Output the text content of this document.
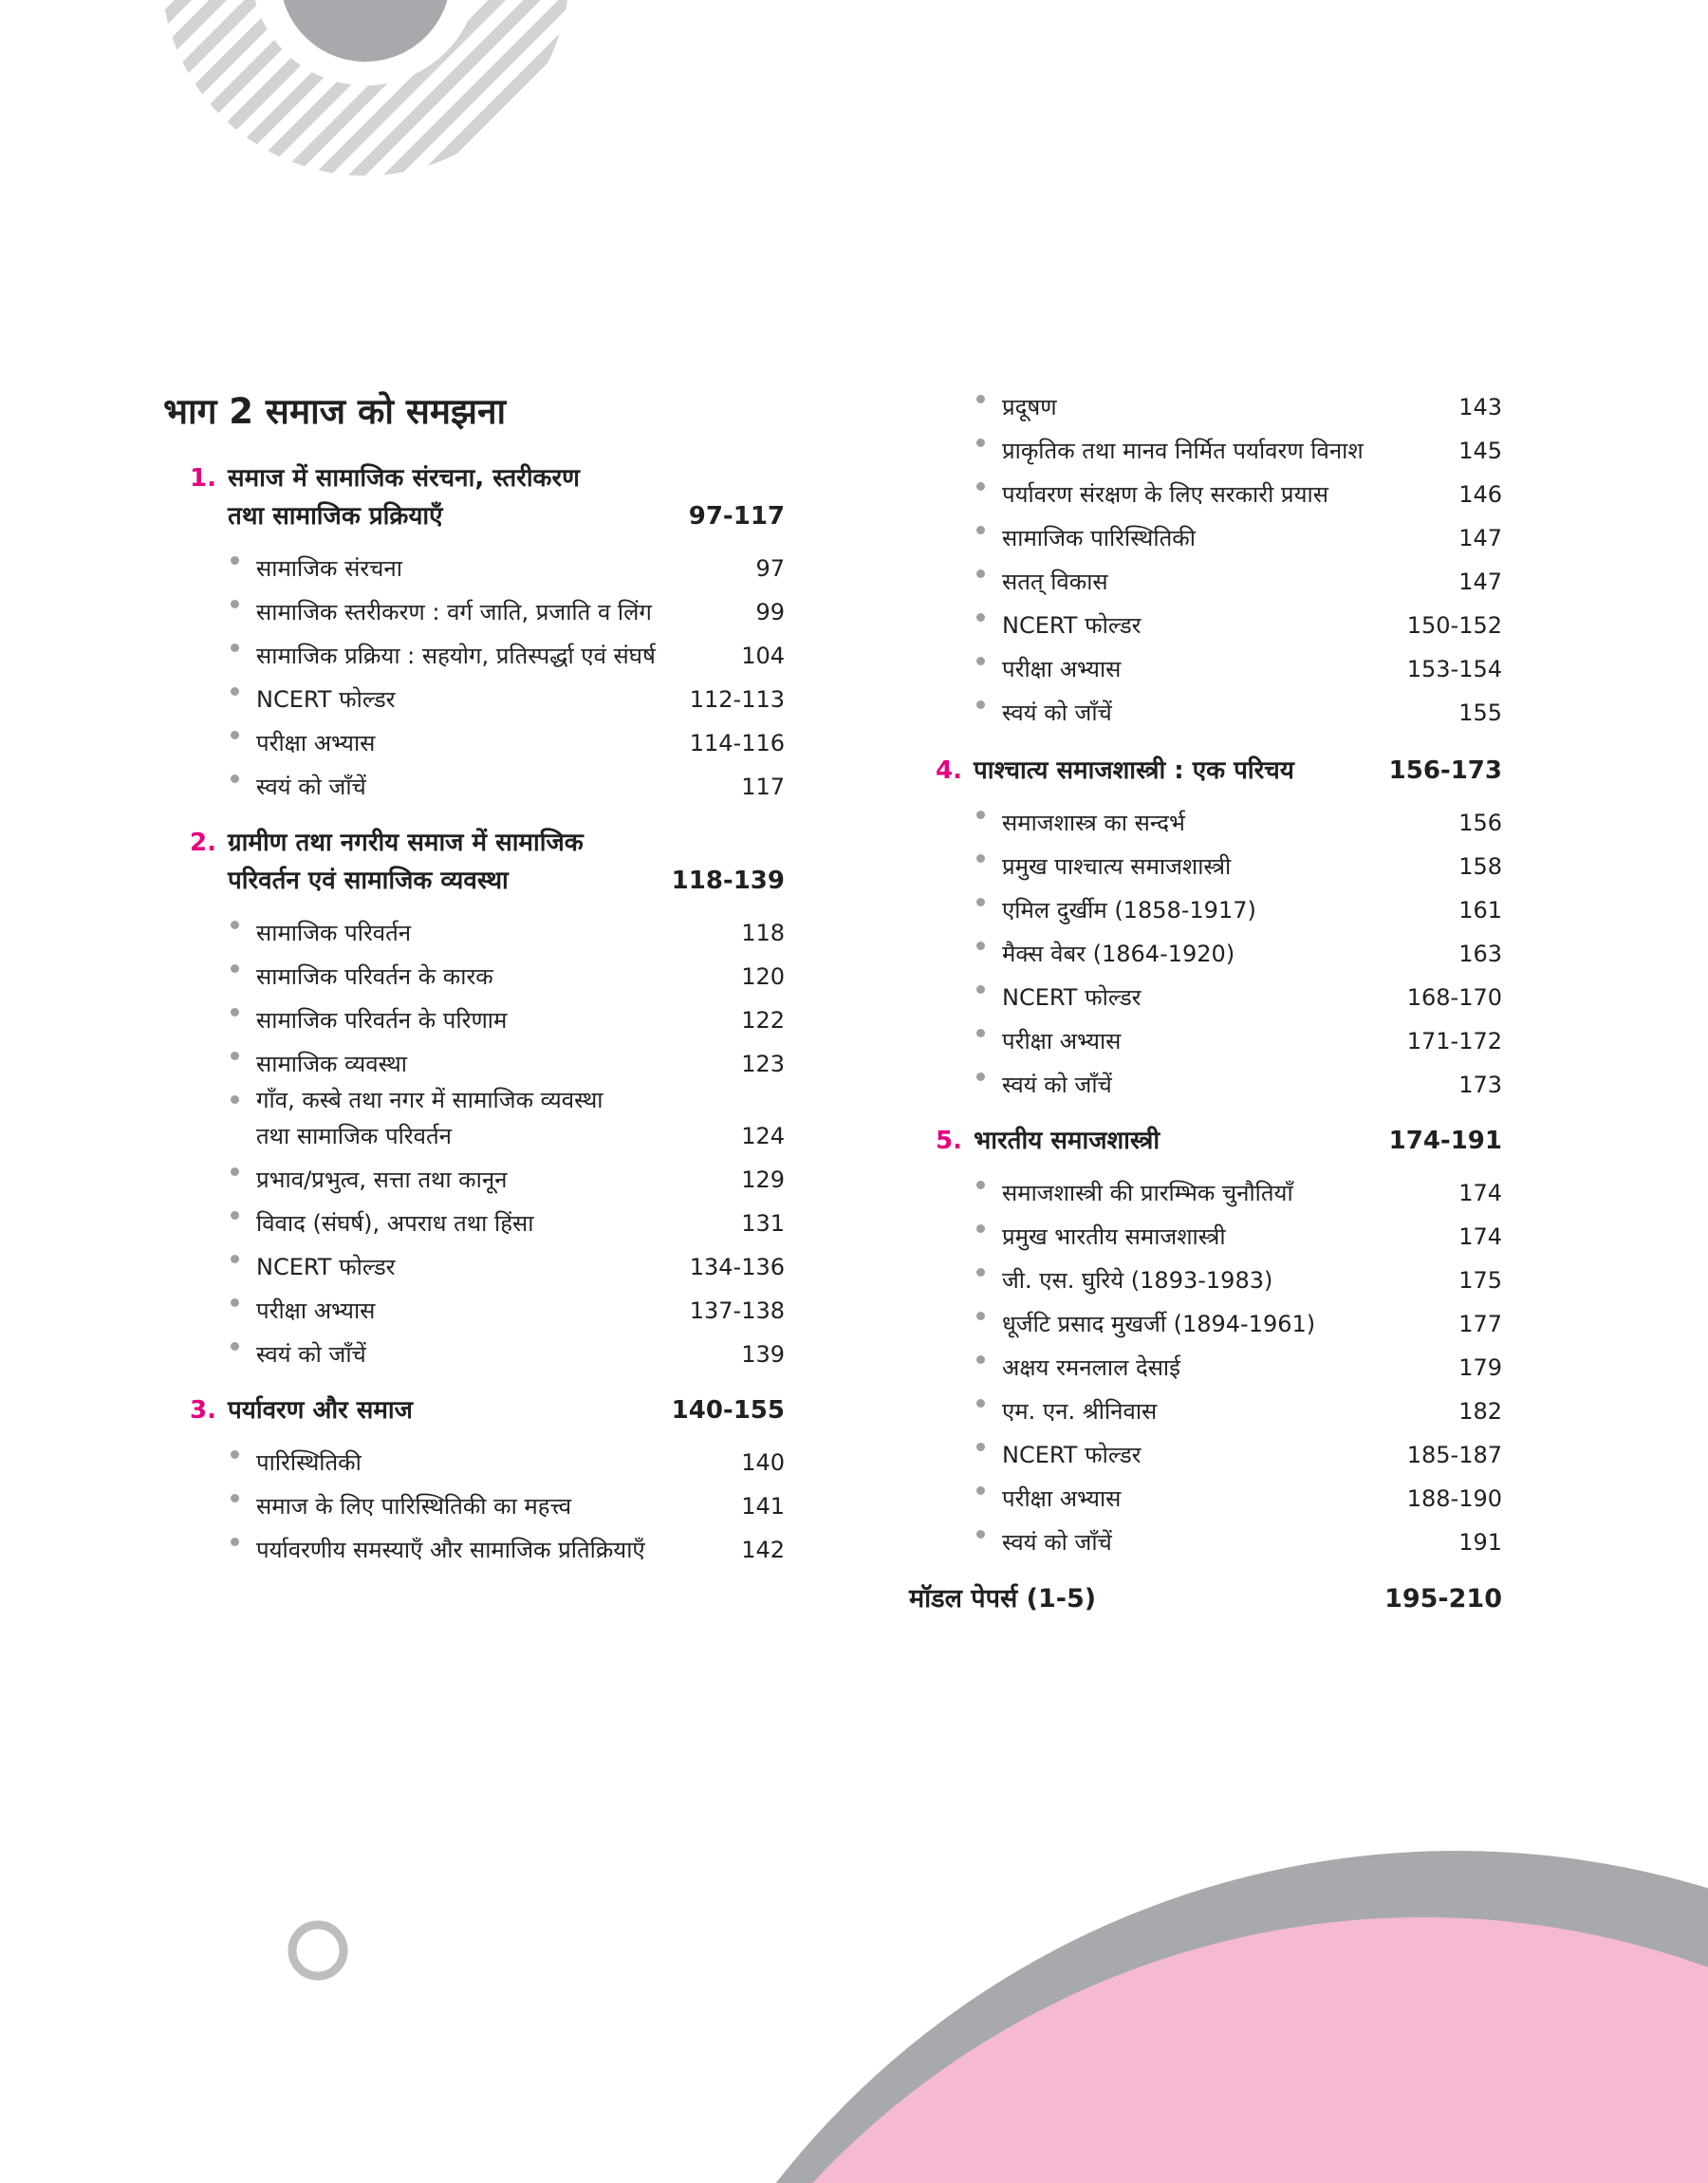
भाग 2 समाज को समझना
1. समाज में सामाजिक संरचना, स्तरीकरण
तथा सामाजिक प्रक्रियाएँ	97-117
सामाजिक संरचना	97
सामाजिक स्तरीकरण : वर्ग जाति, प्रजाति व लिंग	99
सामाजिक प्रक्रिया : सहयोग, प्रतिस्पर्द्धा एवं संघर्ष	104
NCERT फोल्डर	112-113
परीक्षा अभ्यास	114-116
स्वयं को जाँचें	117
2. ग्रामीण तथा नगरीय समाज में सामाजिक
परिवर्तन एवं सामाजिक व्यवस्था	118-139
सामाजिक परिवर्तन	118
सामाजिक परिवर्तन के कारक	120
सामाजिक परिवर्तन के परिणाम	122
सामाजिक व्यवस्था	123
गाँव, कस्बे तथा नगर में सामाजिक व्यवस्था
तथा सामाजिक परिवर्तन	124
प्रभाव/प्रभुत्व, सत्ता तथा कानून	129
विवाद (संघर्ष), अपराध तथा हिंसा	131
NCERT फोल्डर	134-136
परीक्षा अभ्यास	137-138
स्वयं को जाँचें	139
3. पर्यावरण और समाज	140-155
पारिस्थितिकी	140
समाज के लिए पारिस्थितिकी का महत्त्व	141
पर्यावरणीय समस्याएँ और सामाजिक प्रतिक्रियाएँ	142
प्रदूषण	143
प्राकृतिक तथा मानव निर्मित पर्यावरण विनाश	145
पर्यावरण संरक्षण के लिए सरकारी प्रयास	146
सामाजिक पारिस्थितिकी	147
सतत् विकास	147
NCERT फोल्डर	150-152
परीक्षा अभ्यास	153-154
स्वयं को जाँचें	155
4. पाश्चात्य समाजशास्त्री : एक परिचय	156-173
समाजशास्त्र का सन्दर्भ	156
प्रमुख पाश्चात्य समाजशास्त्री	158
एमिल दुर्खीम (1858-1917)	161
मैक्स वेबर (1864-1920)	163
NCERT फोल्डर	168-170
परीक्षा अभ्यास	171-172
स्वयं को जाँचें	173
5. भारतीय समाजशास्त्री	174-191
समाजशास्त्री की प्रारम्भिक चुनौतियाँ	174
प्रमुख भारतीय समाजशास्त्री	174
जी. एस. घुरिये (1893-1983)	175
धूर्जटि प्रसाद मुखर्जी (1894-1961)	177
अक्षय रमनलाल देसाई	179
एम. एन. श्रीनिवास	182
NCERT फोल्डर	185-187
परीक्षा अभ्यास	188-190
स्वयं को जाँचें	191
मॉडल पेपर्स (1-5)	195-210
